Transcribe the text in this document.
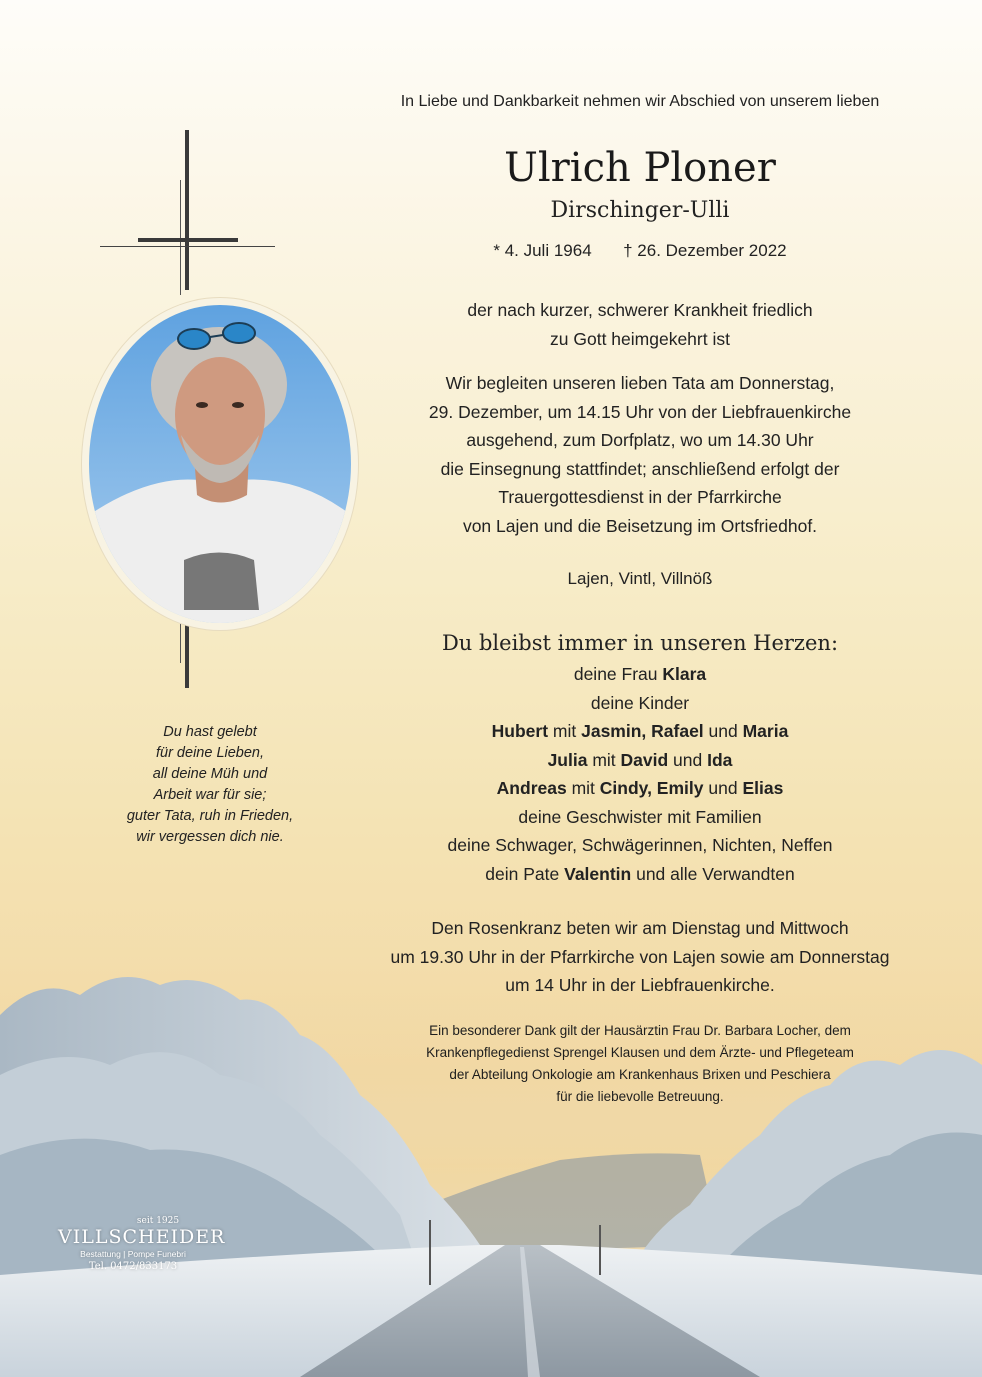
In Liebe und Dankbarkeit nehmen wir Abschied von unserem lieben
Ulrich Ploner
Dirschinger-Ulli
* 4. Juli 1964 † 26. Dezember 2022
der nach kurzer, schwerer Krankheit friedlich
zu Gott heimgekehrt ist
Wir begleiten unseren lieben Tata am Donnerstag,
29. Dezember, um 14.15 Uhr von der Liebfrauenkirche
ausgehend, zum Dorfplatz, wo um 14.30 Uhr
die Einsegnung stattfindet; anschließend erfolgt der
Trauergottesdienst in der Pfarrkirche
von Lajen und die Beisetzung im Ortsfriedhof.
Lajen, Vintl, Villnöß
Du bleibst immer in unseren Herzen:
deine Frau Klara
deine Kinder
Hubert mit Jasmin, Rafael und Maria
Julia mit David und Ida
Andreas mit Cindy, Emily und Elias
deine Geschwister mit Familien
deine Schwager, Schwägerinnen, Nichten, Neffen
dein Pate Valentin und alle Verwandten
Den Rosenkranz beten wir am Dienstag und Mittwoch
um 19.30 Uhr in der Pfarrkirche von Lajen sowie am Donnerstag
um 14 Uhr in der Liebfrauenkirche.
Ein besonderer Dank gilt der Hausärztin Frau Dr. Barbara Locher, dem
Krankenpflegedienst Sprengel Klausen und dem Ärzte- und Pflegeteam
der Abteilung Onkologie am Krankenhaus Brixen und Peschiera
für die liebevolle Betreuung.
Du hast gelebt
für deine Lieben,
all deine Müh und
Arbeit war für sie;
guter Tata, ruh in Frieden,
wir vergessen dich nie.
seit 1925
VILLSCHEIDER
Bestattung | Pompe Funebri
Tel. 0472/833173
